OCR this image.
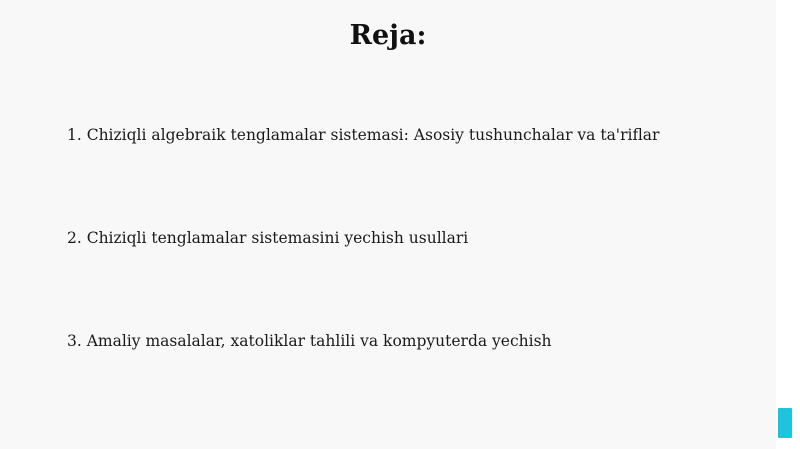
Reja:
1. Chiziqli algebraik tenglamalar sistemasi: Asosiy tushunchalar va ta'riflar
2. Chiziqli tenglamalar sistemasini yechish usullari
3. Amaliy masalalar, xatoliklar tahlili va kompyuterda yechish
